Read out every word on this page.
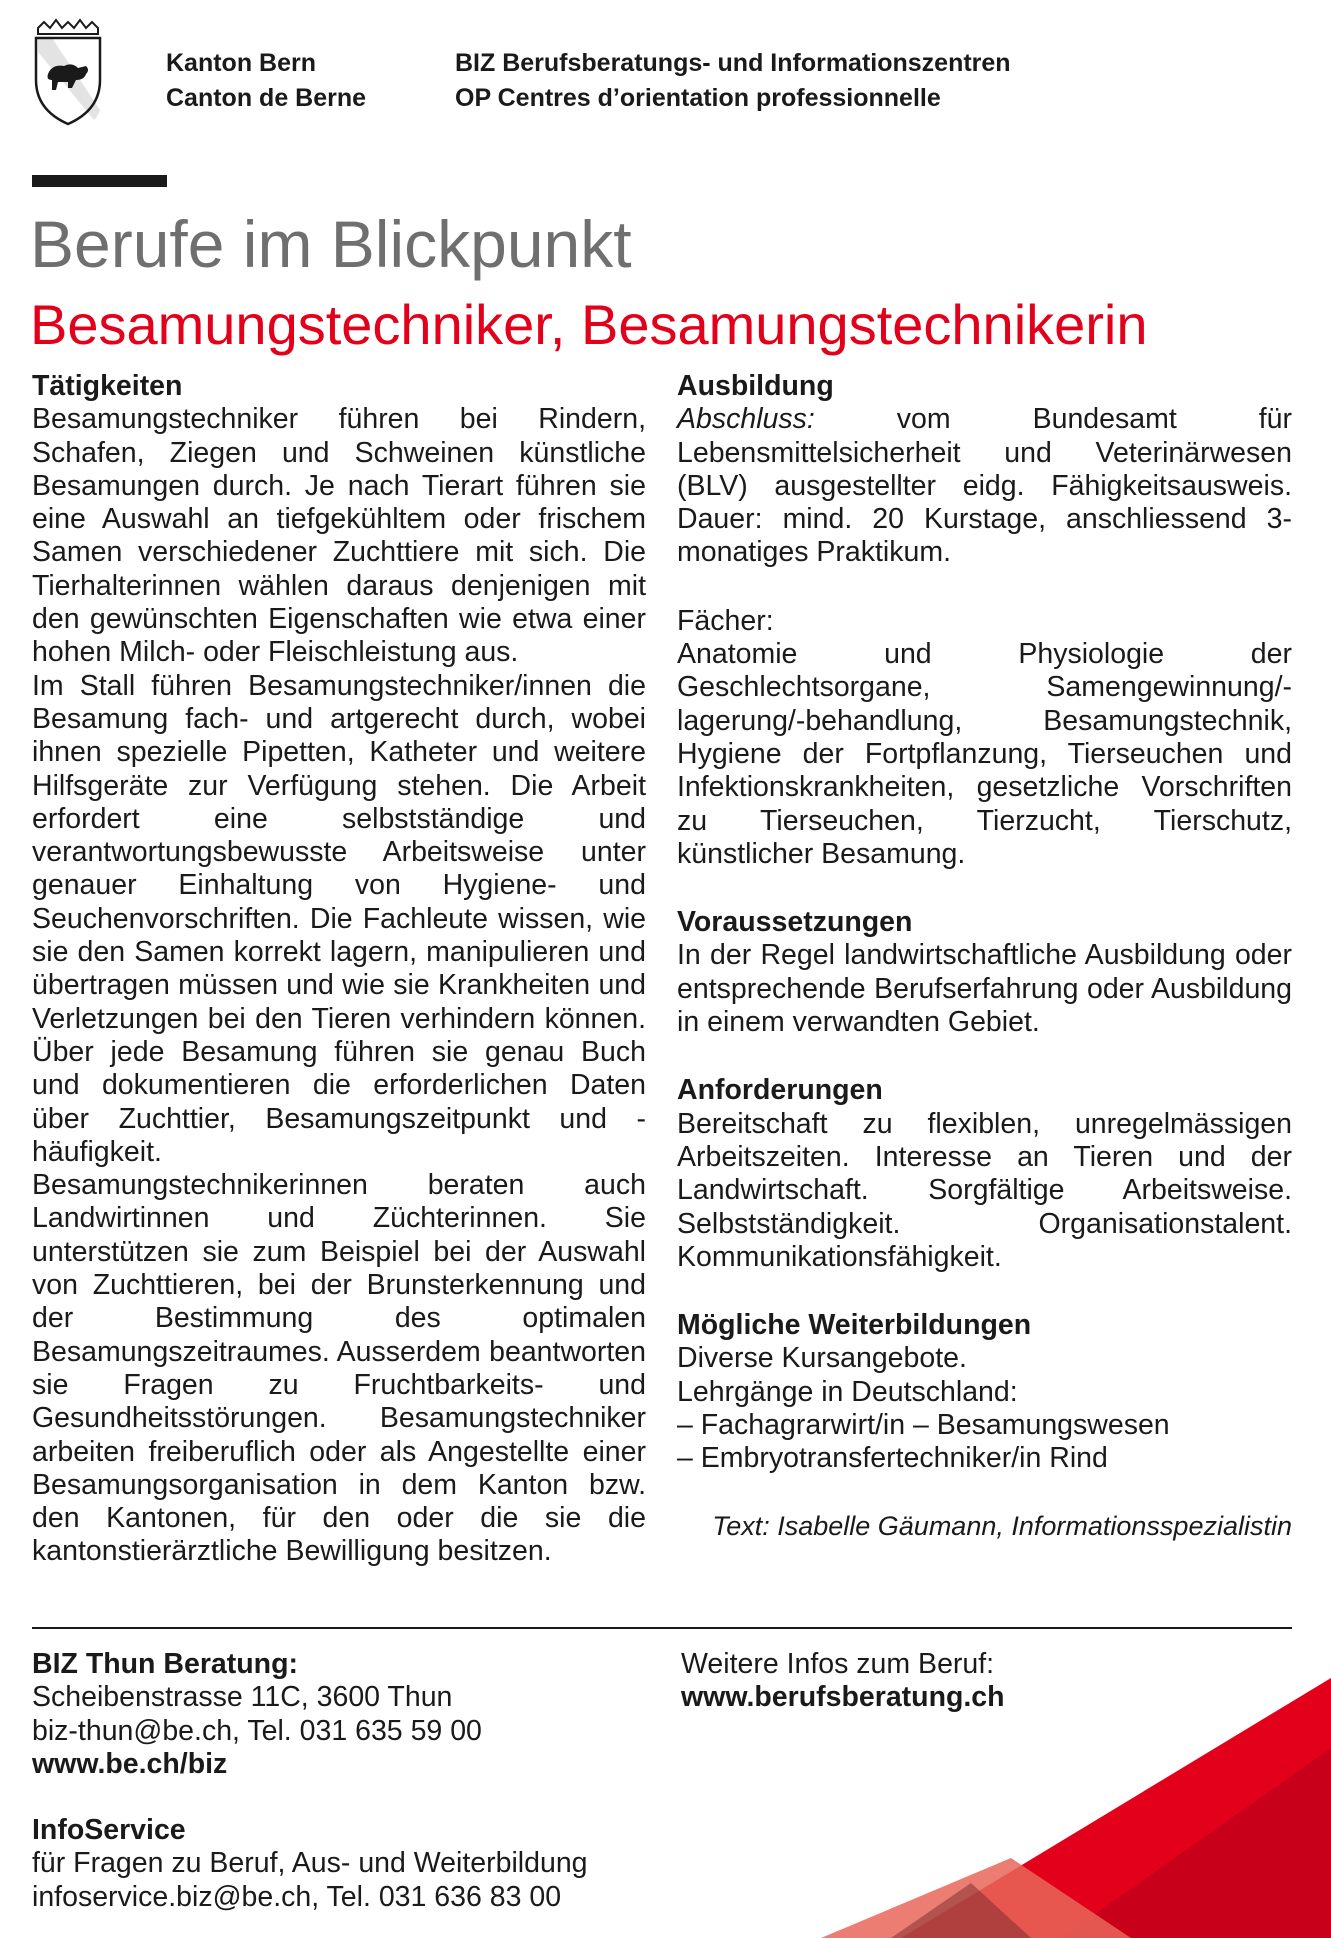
Kanton Bern
Canton de Berne
BIZ Berufsberatungs- und Informationszentren
OP Centres d’orientation professionnelle
Berufe im Blickpunkt
Besamungstechniker, Besamungstechnikerin
Tätigkeiten

Besamungstechniker führen bei Rindern, Schafen, Ziegen und Schweinen künstliche Besamungen durch. Je nach Tierart führen sie eine Auswahl an tiefgekühltem oder frischem Samen verschiedener Zuchttiere mit sich. Die Tierhalterinnen wählen daraus denjenigen mit den gewünschten Eigenschaften wie etwa einer hohen Milch- oder Fleischleistung aus.

Im Stall führen Besamungstechniker/innen die Besamung fach- und artgerecht durch, wobei ihnen spezielle Pipetten, Katheter und weitere Hilfsgeräte zur Verfügung stehen. Die Arbeit erfordert eine selbstständige und verantwortungsbewusste Arbeitsweise unter genauer Einhaltung von Hygiene- und Seuchenvorschriften. Die Fachleute wissen, wie sie den Samen korrekt lagern, manipulieren und übertragen müssen und wie sie Krankheiten und Verletzungen bei den Tieren verhindern können. Über jede Besamung führen sie genau Buch und dokumentieren die erforderlichen Daten über Zuchttier, Besamungszeitpunkt und -häufigkeit.

Besamungstechnikerinnen beraten auch Landwirtinnen und Züchterinnen. Sie unterstützen sie zum Beispiel bei der Auswahl von Zuchttieren, bei der Brunsterkennung und der Bestimmung des optimalen Besamungszeitraumes. Ausserdem beantworten sie Fragen zu Fruchtbarkeits- und Gesundheitsstörungen. Besamungstechniker arbeiten freiberuflich oder als Angestellte einer Besamungsorganisation in dem Kanton bzw. den Kantonen, für den oder die sie die kantonstierärztliche Bewilligung besitzen.

Ausbildung

Abschluss: vom Bundesamt für Lebensmittelsicherheit und Veterinärwesen (BLV) ausgestellter eidg. Fähigkeitsausweis. Dauer: mind. 20 Kurstage, anschliessend 3-monatiges Praktikum.

Fächer:

Anatomie und Physiologie der Geschlechtsorgane, Samengewinnung/-lagerung/-behandlung, Besamungstechnik, Hygiene der Fortpflanzung, Tierseuchen und Infektionskrankheiten, gesetzliche Vorschriften zu Tierseuchen, Tierzucht, Tierschutz, künstlicher Besamung.

Voraussetzungen

In der Regel landwirtschaftliche Ausbildung oder entsprechende Berufserfahrung oder Ausbildung in einem verwandten Gebiet.

Anforderungen

Bereitschaft zu flexiblen, unregelmässigen Arbeitszeiten. Interesse an Tieren und der Landwirtschaft. Sorgfältige Arbeitsweise. Selbstständigkeit. Organisationstalent. Kommunikationsfähigkeit.

Mögliche Weiterbildungen
Diverse Kursangebote.
Lehrgänge in Deutschland:
– Fachagrarwirt/in – Besamungswesen
– Embryotransfertechniker/in Rind
Text: Isabelle Gäumann, Informationsspezialistin
BIZ Thun Beratung:
Scheibenstrasse 11C, 3600 Thun
biz-thun@be.ch, Tel. 031 635 59 00
www.be.ch/biz
InfoService
für Fragen zu Beruf, Aus- und Weiterbildung
infoservice.biz@be.ch, Tel. 031 636 83 00
Weitere Infos zum Beruf:
www.berufsberatung.ch
